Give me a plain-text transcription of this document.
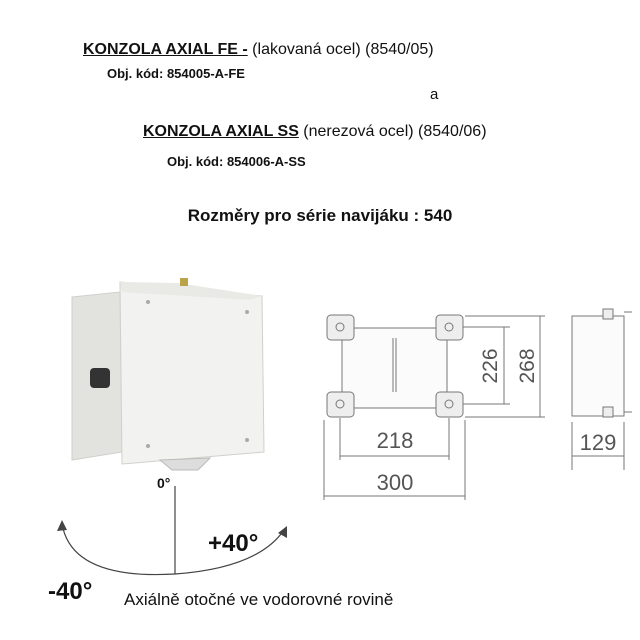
KONZOLA AXIAL FE - (lakovaná ocel) (8540/05)
Obj. kód: 854005-A-FE
a
KONZOLA AXIAL SS (nerezová ocel) (8540/06)
Obj. kód: 854006-A-SS
Rozměry pro série navijáku : 540
218
300
226 268
129
0°
+40°
-40° Axiálně otočné ve vodorovné rovině
